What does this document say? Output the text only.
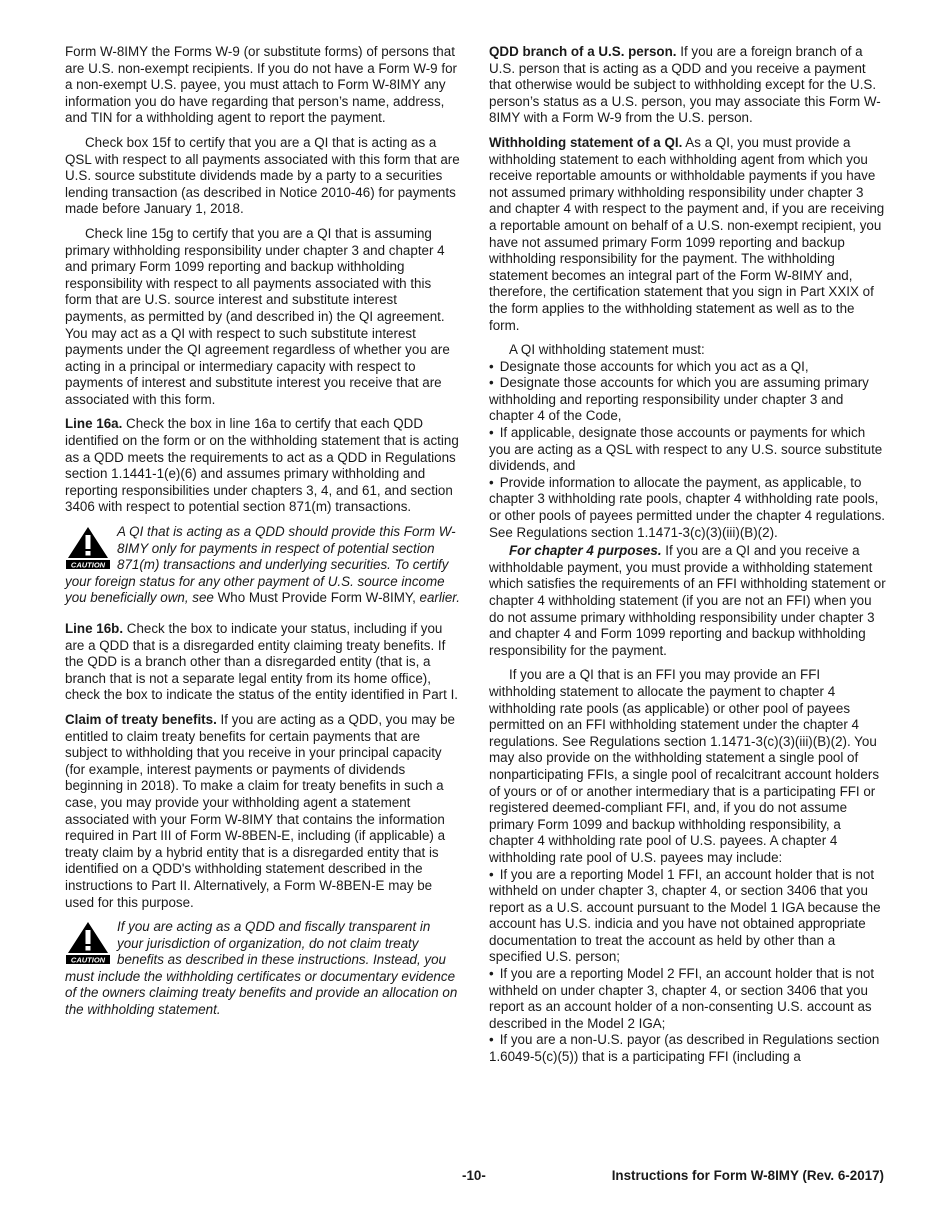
Form W-8IMY the Forms W-9 (or substitute forms) of persons that are U.S. non-exempt recipients. If you do not have a Form W-9 for a non-exempt U.S. payee, you must attach to Form W-8IMY any information you do have regarding that person’s name, address, and TIN for a withholding agent to report the payment.

Check box 15f to certify that you are a QI that is acting as a QSL with respect to all payments associated with this form that are U.S. source substitute dividends made by a party to a securities lending transaction (as described in Notice 2010-46) for payments made before January 1, 2018.

Check line 15g to certify that you are a QI that is assuming primary withholding responsibility under chapter 3 and chapter 4 and primary Form 1099 reporting and backup withholding responsibility with respect to all payments associated with this form that are U.S. source interest and substitute interest payments, as permitted by (and described in) the QI agreement. You may act as a QI with respect to such substitute interest payments under the QI agreement regardless of whether you are acting in a principal or intermediary capacity with respect to payments of interest and substitute interest you receive that are associated with this form.

Line 16a. Check the box in line 16a to certify that each QDD identified on the form or on the withholding statement that is acting as a QDD meets the requirements to act as a QDD in Regulations section 1.1441-1(e)(6) and assumes primary withholding and reporting responsibilities under chapters 3, 4, and 61, and section 3406 with respect to potential section 871(m) transactions.

CAUTION
A QI that is acting as a QDD should provide this Form W-8IMY only for payments in respect of potential section 871(m) transactions and underlying securities. To certify your foreign status for any other payment of U.S. source income you beneficially own, see Who Must Provide Form W-8IMY, earlier.

Line 16b. Check the box to indicate your status, including if you are a QDD that is a disregarded entity claiming treaty benefits. If the QDD is a branch other than a disregarded entity (that is, a branch that is not a separate legal entity from its home office), check the box to indicate the status of the entity identified in Part I.

Claim of treaty benefits. If you are acting as a QDD, you may be entitled to claim treaty benefits for certain payments that are subject to withholding that you receive in your principal capacity (for example, interest payments or payments of dividends beginning in 2018). To make a claim for treaty benefits in such a case, you may provide your withholding agent a statement associated with your Form W-8IMY that contains the information required in Part III of Form W-8BEN-E, including (if applicable) a treaty claim by a hybrid entity that is a disregarded entity that is identified on a QDD's withholding statement described in the instructions to Part II. Alternatively, a Form W-8BEN-E may be used for this purpose.

CAUTION
If you are acting as a QDD and fiscally transparent in your jurisdiction of organization, do not claim treaty benefits as described in these instructions. Instead, you must include the withholding certificates or documentary evidence of the owners claiming treaty benefits and provide an allocation on the withholding statement.

QDD branch of a U.S. person. If you are a foreign branch of a U.S. person that is acting as a QDD and you receive a payment that otherwise would be subject to withholding except for the U.S. person’s status as a U.S. person, you may associate this Form W-8IMY with a Form W-9 from the U.S. person.

Withholding statement of a QI. As a QI, you must provide a withholding statement to each withholding agent from which you receive reportable amounts or withholdable payments if you have not assumed primary withholding responsibility under chapter 3 and chapter 4 with respect to the payment and, if you are receiving a reportable amount on behalf of a U.S. non-exempt recipient, you have not assumed primary Form 1099 reporting and backup withholding responsibility for the payment. The withholding statement becomes an integral part of the Form W-8IMY and, therefore, the certification statement that you sign in Part XXIX of the form applies to the withholding statement as well as to the form.

A QI withholding statement must:

• Designate those accounts for which you act as a QI,
• Designate those accounts for which you are assuming primary withholding and reporting responsibility under chapter 3 and chapter 4 of the Code,
• If applicable, designate those accounts or payments for which you are acting as a QSL with respect to any U.S. source substitute dividends, and
• Provide information to allocate the payment, as applicable, to chapter 3 withholding rate pools, chapter 4 withholding rate pools, or other pools of payees permitted under the chapter 4 regulations. See Regulations section 1.1471-3(c)(3)(iii)(B)(2).

For chapter 4 purposes. If you are a QI and you receive a withholdable payment, you must provide a withholding statement which satisfies the requirements of an FFI withholding statement or chapter 4 withholding statement (if you are not an FFI) when you do not assume primary withholding responsibility under chapter 3 and chapter 4 and Form 1099 reporting and backup withholding responsibility for the payment.

If you are a QI that is an FFI you may provide an FFI withholding statement to allocate the payment to chapter 4 withholding rate pools (as applicable) or other pool of payees permitted on an FFI withholding statement under the chapter 4 regulations. See Regulations section 1.1471-3(c)(3)(iii)(B)(2). You may also provide on the withholding statement a single pool of nonparticipating FFIs, a single pool of recalcitrant account holders of yours or of or another intermediary that is a participating FFI or registered deemed-compliant FFI, and, if you do not assume primary Form 1099 and backup withholding responsibility, a chapter 4 withholding rate pool of U.S. payees. A chapter 4 withholding rate pool of U.S. payees may include:

• If you are a reporting Model 1 FFI, an account holder that is not withheld on under chapter 3, chapter 4, or section 3406 that you report as a U.S. account pursuant to the Model 1 IGA because the account has U.S. indicia and you have not obtained appropriate documentation to treat the account as held by other than a specified U.S. person;
• If you are a reporting Model 2 FFI, an account holder that is not withheld on under chapter 3, chapter 4, or section 3406 that you report as an account holder of a non-consenting U.S. account as described in the Model 2 IGA;
• If you are a non-U.S. payor (as described in Regulations section 1.6049-5(c)(5)) that is a participating FFI (including a
-10-	Instructions for Form W-8IMY (Rev. 6-2017)
